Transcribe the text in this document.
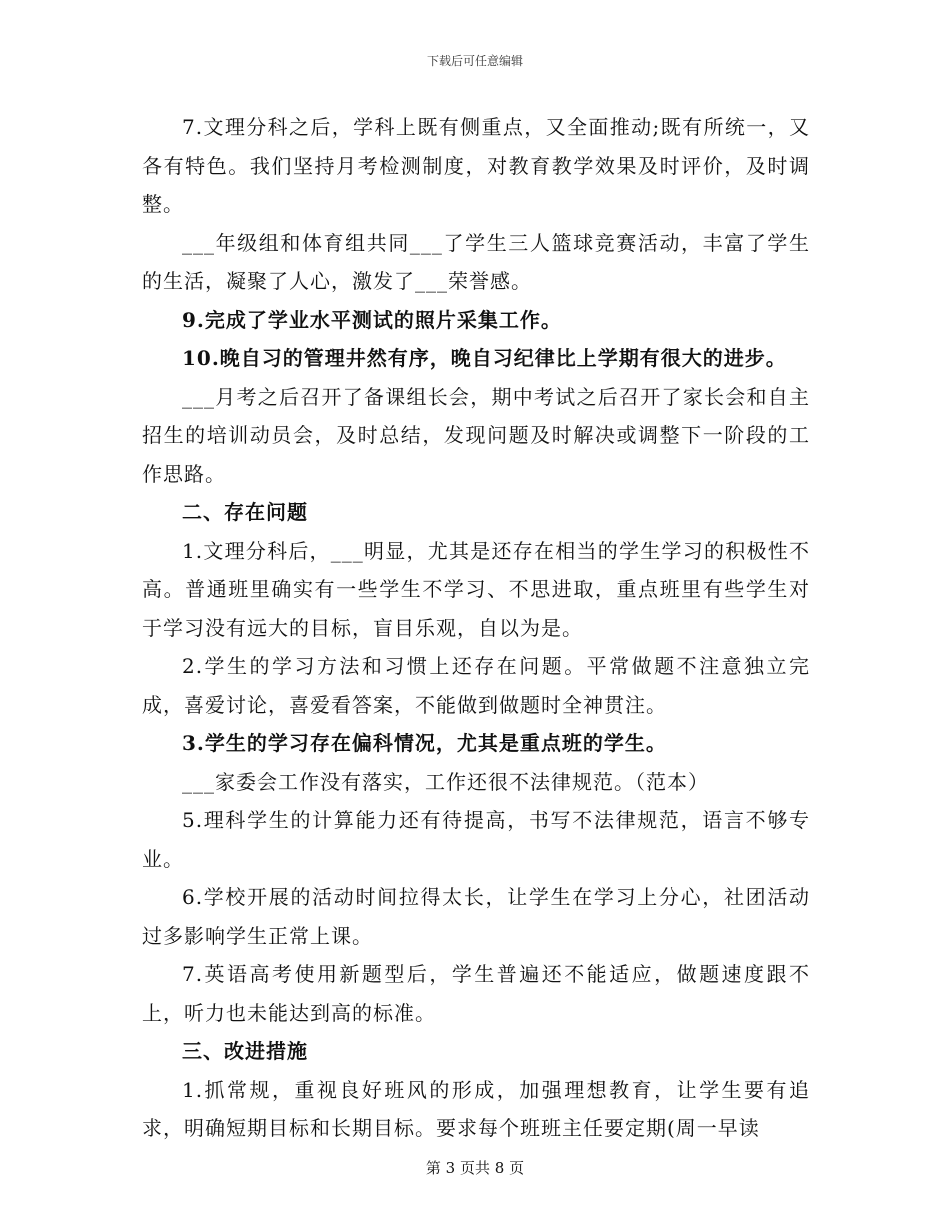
下载后可任意编辑

7.文理分科之后，学科上既有侧重点，又全面推动;既有所统一，又各有特色。我们坚持月考检测制度，对教育教学效果及时评价，及时调整。

___年级组和体育组共同___了学生三人篮球竞赛活动，丰富了学生的生活，凝聚了人心，激发了___荣誉感。

9.完成了学业水平测试的照片采集工作。

10.晚自习的管理井然有序，晚自习纪律比上学期有很大的进步。

___月考之后召开了备课组长会，期中考试之后召开了家长会和自主招生的培训动员会，及时总结，发现问题及时解决或调整下一阶段的工作思路。

二、存在问题

1.文理分科后，___明显，尤其是还存在相当的学生学习的积极性不高。普通班里确实有一些学生不学习、不思进取，重点班里有些学生对于学习没有远大的目标，盲目乐观，自以为是。

2.学生的学习方法和习惯上还存在问题。平常做题不注意独立完成，喜爱讨论，喜爱看答案，不能做到做题时全神贯注。

3.学生的学习存在偏科情况，尤其是重点班的学生。

___家委会工作没有落实，工作还很不法律规范。（范本）

5.理科学生的计算能力还有待提高，书写不法律规范，语言不够专业。

6.学校开展的活动时间拉得太长，让学生在学习上分心，社团活动过多影响学生正常上课。

7.英语高考使用新题型后，学生普遍还不能适应，做题速度跟不上，听力也未能达到高的标准。

三、改进措施

1.抓常规，重视良好班风的形成，加强理想教育，让学生要有追求，明确短期目标和长期目标。要求每个班班主任要定期(周一早读

第 3 页共 8 页
